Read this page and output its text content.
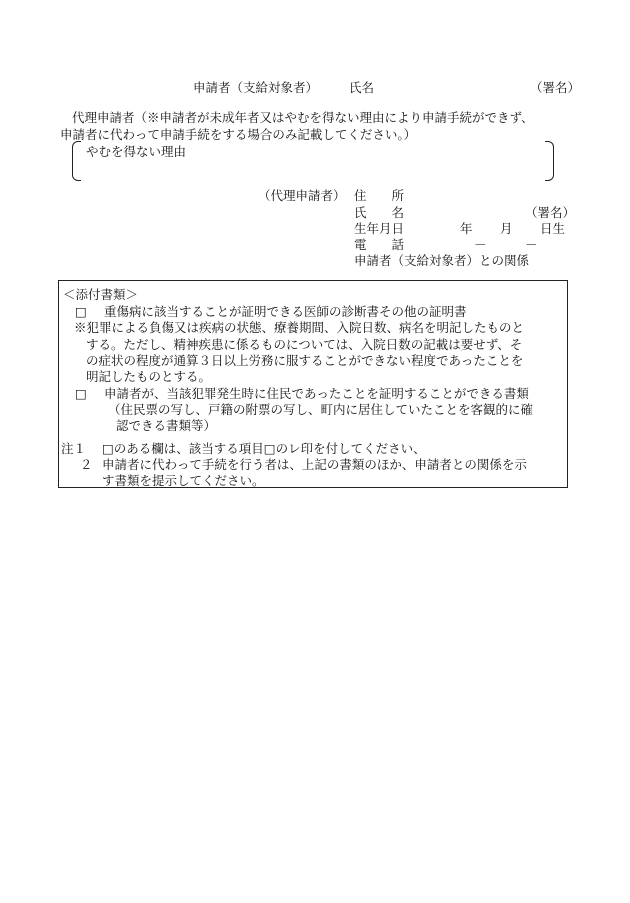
申請者（支給対象者） 氏名	（署名）
代理申請者（※申請者が未成年者又はやむを得ない理由により申請手続ができず、
申請者に代わって申請手続をする場合のみ記載してください。）
やむを得ない理由
（代理申請者） 住　　所
氏　　名	（署名）
生年月日	年 月 日生
電　　話	－	－
申請者（支給対象者）との関係
＜添付書類＞
□ 重傷病に該当することが証明できる医師の診断書その他の証明書
※犯罪による負傷又は疾病の状態、療養期間、入院日数、病名を明記したものと
する。ただし、精神疾患に係るものについては、入院日数の記載は要せず、そ
の症状の程度が通算３日以上労務に服することができない程度であったことを
明記したものとする。
□ 申請者が、当該犯罪発生時に住民であったことを証明することができる書類
（住民票の写し、戸籍の附票の写し、町内に居住していたことを客観的に確
認できる書類等）
注１ □のある欄は、該当する項目□のレ印を付してください、
２ 申請者に代わって手続を行う者は、上記の書類のほか、申請者との関係を示
す書類を提示してください。
